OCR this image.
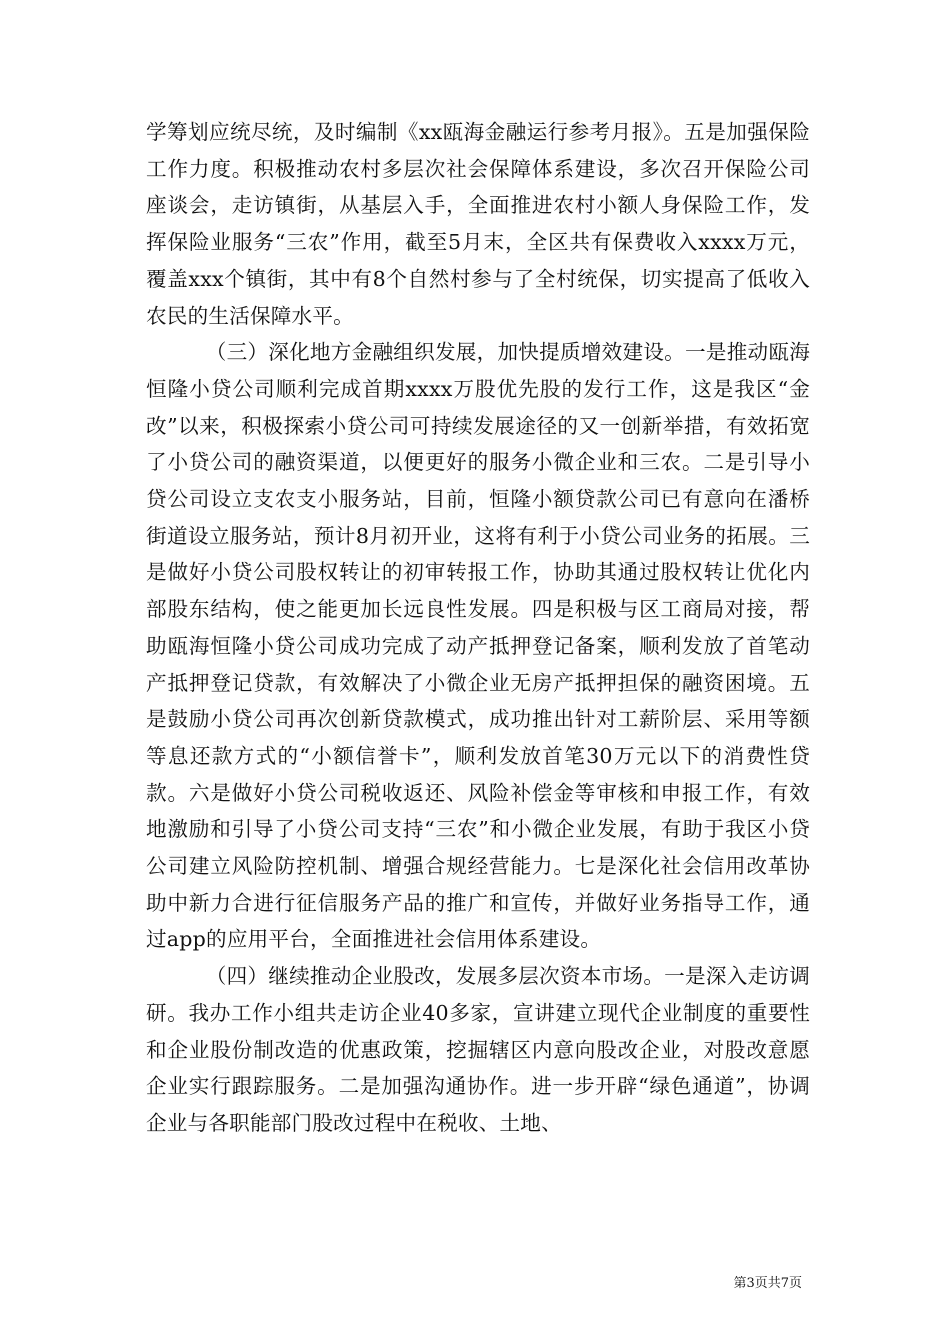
学筹划应统尽统，及时编制《xx瓯海金融运行参考月报》。五是加强保险工作力度。积极推动农村多层次社会保障体系建设，多次召开保险公司座谈会，走访镇街，从基层入手，全面推进农村小额人身保险工作，发挥保险业服务“三农”作用，截至5月末，全区共有保费收入xxxx万元，覆盖xxx个镇街，其中有8个自然村参与了全村统保，切实提高了低收入农民的生活保障水平。

（三）深化地方金融组织发展，加快提质增效建设。一是推动瓯海恒隆小贷公司顺利完成首期xxxx万股优先股的发行工作，这是我区“金改”以来，积极探索小贷公司可持续发展途径的又一创新举措，有效拓宽了小贷公司的融资渠道，以便更好的服务小微企业和三农。二是引导小贷公司设立支农支小服务站，目前，恒隆小额贷款公司已有意向在潘桥街道设立服务站，预计8月初开业，这将有利于小贷公司业务的拓展。三是做好小贷公司股权转让的初审转报工作，协助其通过股权转让优化内部股东结构，使之能更加长远良性发展。四是积极与区工商局对接，帮助瓯海恒隆小贷公司成功完成了动产抵押登记备案，顺利发放了首笔动产抵押登记贷款，有效解决了小微企业无房产抵押担保的融资困境。五是鼓励小贷公司再次创新贷款模式，成功推出针对工薪阶层、采用等额等息还款方式的“小额信誉卡”，顺利发放首笔30万元以下的消费性贷款。六是做好小贷公司税收返还、风险补偿金等审核和申报工作，有效地激励和引导了小贷公司支持“三农”和小微企业发展，有助于我区小贷公司建立风险防控机制、增强合规经营能力。七是深化社会信用改革协助中新力合进行征信服务产品的推广和宣传，并做好业务指导工作，通过app的应用平台，全面推进社会信用体系建设。

（四）继续推动企业股改，发展多层次资本市场。一是深入走访调研。我办工作小组共走访企业40多家，宣讲建立现代企业制度的重要性和企业股份制改造的优惠政策，挖掘辖区内意向股改企业，对股改意愿企业实行跟踪服务。二是加强沟通协作。进一步开辟“绿色通道”，协调企业与各职能部门股改过程中在税收、土地、

第3页共7页
